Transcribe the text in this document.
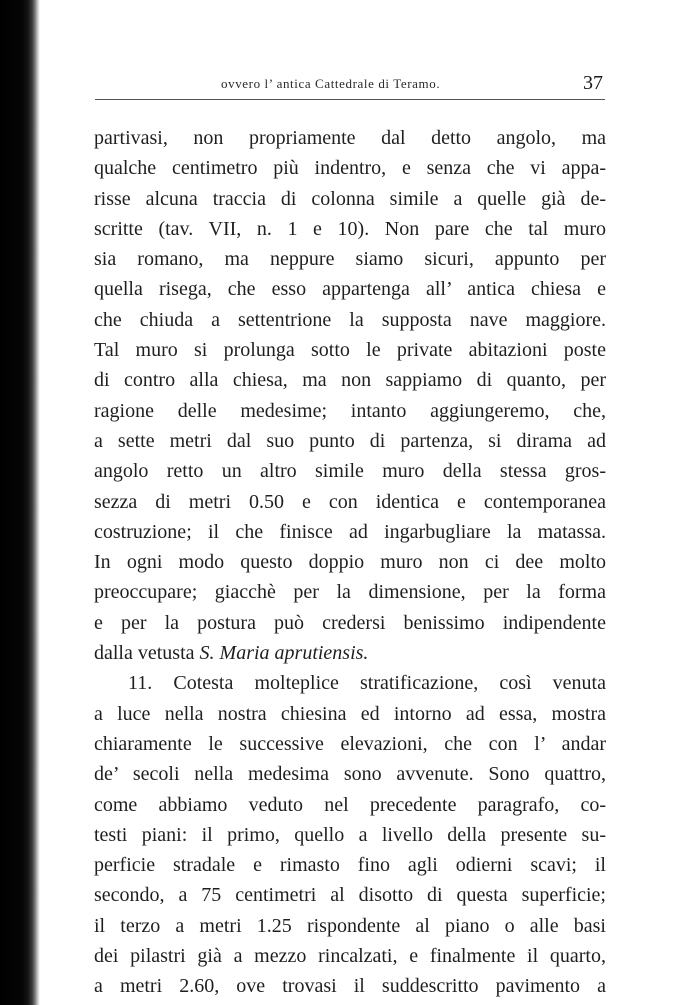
ovvero l’ antica Cattedrale di Teramo.	37
partivasi, non propriamente dal detto angolo, ma
qualche centimetro più indentro, e senza che vi appa-
risse alcuna traccia di colonna simile a quelle già de-
scritte (tav. VII, n. 1 e 10). Non pare che tal muro
sia romano, ma neppure siamo sicuri, appunto per
quella risega, che esso appartenga all’ antica chiesa e
che chiuda a settentrione la supposta nave maggiore.
Tal muro si prolunga sotto le private abitazioni poste
di contro alla chiesa, ma non sappiamo di quanto, per
ragione delle medesime; intanto aggiungeremo, che,
a sette metri dal suo punto di partenza, si dirama ad
angolo retto un altro simile muro della stessa gros-
sezza di metri 0.50 e con identica e contemporanea
costruzione; il che finisce ad ingarbugliare la matassa.
In ogni modo questo doppio muro non ci dee molto
preoccupare; giacchè per la dimensione, per la forma
e per la postura può credersi benissimo indipendente
dalla vetusta S. Maria aprutiensis.
11. Cotesta molteplice stratificazione, così venuta
a luce nella nostra chiesina ed intorno ad essa, mostra
chiaramente le successive elevazioni, che con l’ andar
de’ secoli nella medesima sono avvenute. Sono quattro,
come abbiamo veduto nel precedente paragrafo, co-
testi piani: il primo, quello a livello della presente su-
perficie stradale e rimasto fino agli odierni scavi; il
secondo, a 75 centimetri al disotto di questa superficie;
il terzo a metri 1.25 rispondente al piano o alle basi
dei pilastri già a mezzo rincalzati, e finalmente il quarto,
a metri 2.60, ove trovasi il suddescritto pavimento a
